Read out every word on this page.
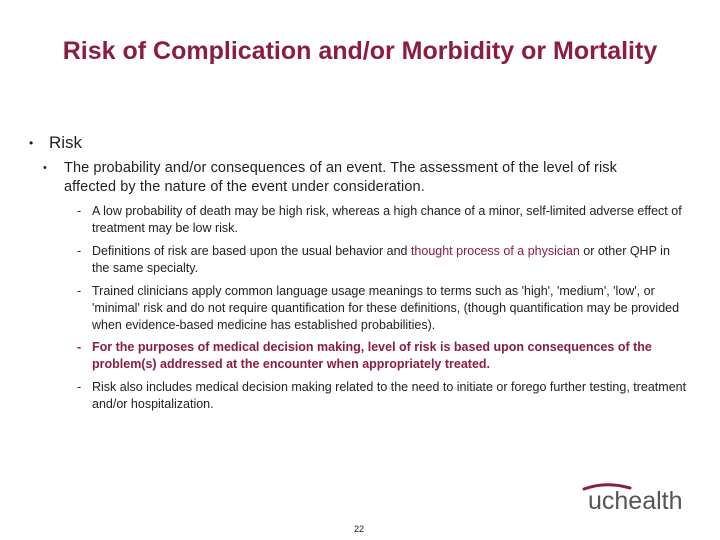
Risk of Complication and/or Morbidity or Mortality
• Risk
• The probability and/or consequences of an event. The assessment of the level of risk affected by the nature of the event under consideration.
- A low probability of death may be high risk, whereas a high chance of a minor, self-limited adverse effect of treatment may be low risk.
- Definitions of risk are based upon the usual behavior and thought process of a physician or other QHP in the same specialty.
- Trained clinicians apply common language usage meanings to terms such as 'high', 'medium', 'low', or 'minimal' risk and do not require quantification for these definitions, (though quantification may be provided when evidence-based medicine has established probabilities).
- For the purposes of medical decision making, level of risk is based upon consequences of the problem(s) addressed at the encounter when appropriately treated.
- Risk also includes medical decision making related to the need to initiate or forego further testing, treatment and/or hospitalization.
uchealth
22
